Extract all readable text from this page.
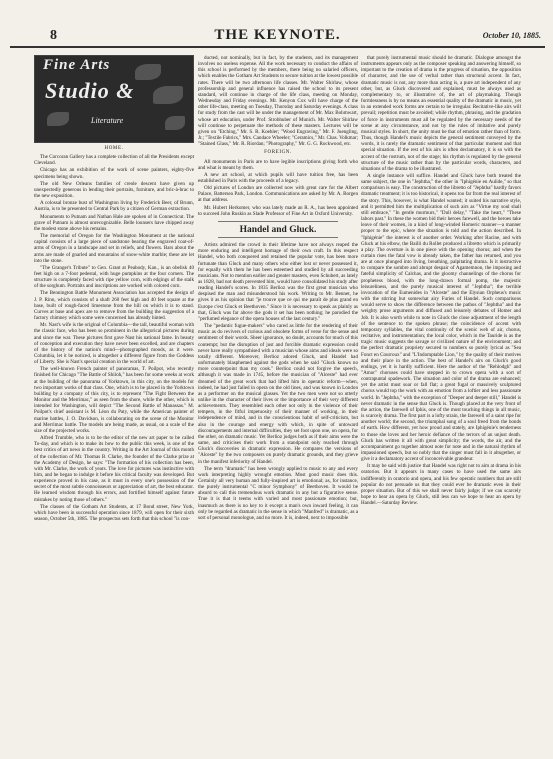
8	THE KEYNOTE.	October 10, 1885.
Fine Arts
Studio &
Literature
HOME.

The Corcoran Gallery has a complete collection of all the Presidents except Cleveland.

Chicago has an exhibition of the work of scene painters, eighty-five specimens being shown.

The old New Orleans families of creole descent have given up unexpectedly generous in lending their portraits, furniture, and bric-à-brac to the new exposition.

A colossal bronze bust of Washington living by Frederick Beer, of Brunn, Austria, is to be presented to Central Park by a citizen of German extraction.

Monuments to Putnam and Nathan Hale are spoken of in Connecticut. The grave of Putnam is almost unrecognizable. Belle lounsers have chipped away the modest stone above his remains.

The memorial of Oregon for the Washington Monument at the national capital consists of a large piece of sandstone bearing the engraved coat-of-arms of Oregon in a landscape and set in reliefs, and flowers. Bars about the arms are made of gnarled and mountains of snow-white marble; these are let into the stone.

"The Granger's Tribute" to Gen. Grant at Peabody, Kan., is an obelisk 40 feet high on a 7-foot pedestal, with huge pumpkins at the four corners. The structure is completely faced with ripe yellow corn, with edgings of the stalk of the sorghum. Portraits and inscriptions are worked with colored corn.

The Bennington Battle Monument Association has accepted the design of J. P. Rinn, which consists of a shaft 260 feet high and 40 feet square at the base, built of rough-faced limestone from the hill on which it is to stand. Curves at base and apex are to remove from the building the suggestion of a factory chimney which some were concerned has already hinted.

Mr. Nast's wife is the original of Columbia—the tall, beautiful woman with the classic face, who has been so prominent in the allegorical pictures during and since the war. These pictures first gave Nast his national fame. In beauty of conception and execution they have never been excelled, and are chapters of the history of the nation's mind—photographed moods, as it were. Columbia, let it be noticed, is altogether a different figure from the Goddess of Liberty. She is Nast's special creation in the world of art.

The well-known French painter of panoramas, T. Poilpot, who recently finished for Chicago "The Battle of Shiloh," has been for some weeks at work at the building of the panorama of Yorktown, in this city, on the models for two important works of that class. One, which is to be placed in the Yorktown building by a company of this city, is to represent "The Fight Between the Monitor and the Merrimac," as seen from the shore, while the other, which is intended for Washington, will depict "The Second Battle of Manassas." M. Poilpot's chief assistant is M. Léon du Paty, while the American painter of marine battles, J. O. Davidson, is collaborating on the scene of the Monitor and Merrimac battle. The models are being made, as usual, on a scale of the size of the projected works.

Alfred Trumble, who is to be the editor of the new art paper to be called To-day, and which is to make its bow to the public this week, is one of the best critics of art news in the country. Writing in the Art Journal of this month of the collection of Mr. Thomas B. Clarke, the founder of the Clarke prize at the Academy of Design, he says: "The formation of his collection has been, with Mr. Clarke, the work of years. The love for pictures was instinctive with him, and he began to indulge it before his critical faculty was developed. But experience proved in his case, as it must in every one's possession of the secret of the most subtle connoisseurs or appreciation of art, the best educator. He learned wisdom through his errors, and fortified himself against future mistakes by noting those of others."

The classes of the Gotham Art Students, at 17 Bond street, New York, which have been in successful operation since 1879, will open for their sixth season, October 5th, 1885. The prospectus sets forth that this school "is con-

ducted, not nominally, but in fact, by the students, and its management involves no useless expense. All the work necessary to conduct the affairs of this school is performed by the members, there being no salaried officers, which enables the Gotham Art Students to secure tuition at the lowest possible rates. There will be two afternoon life classes. Mr. Walter Shirlaw, whose professorship and general influence has raised the school to its present standard, will continue in charge of the life class, meeting on Monday, Wednesday and Friday evenings. Mr. Kenyon Cox will have charge of the other life-class, meeting on Tuesday, Thursday and Saturday evenings. A class for study from the cast will be under the management of Mr. Max Bohmwart, whose art education, under Prof. Strobhuber of Munich. Mr. Walter Shirlaw will continue to perpetuate the methods of these masters. Lectures will be given on "Etching," Mr. S. R. Koehler; "Wood Engraving," Mr. F. Juengling, Jr.; "Textile Fabrics," Mrs. Candace Wheeler; "Ceramics," Mr. Chas. Volkmar; "Stained Glass," Mr. R. Riordan; "Photography," Mr. G. G. Rockwood, etc.

FOREIGN.

All monuments in Paris are to have legible inscriptions giving forth who and what is meant by them.

A new art school, at which pupils will have tuition free, has been established in Paris with the proceeds of a legacy.

Old pictures of London are collected now with great care for the Albert Palace, Battersea Park, London. Communications are asked by Mr. A. Borgen at that address.

Mr. Hubert Herkomer, who was lately made an R. A., has been appointed to succeed John Ruskin as Slade Professor of Fine Art in Oxford University.

Handel and Gluck.

Artists admired the crowd in their lifetime have not always reaped the more enduring and intelligent homage of their own craft. In this respect Handel, who both conquered and retained the popular vote, has been more fortunate than Gluck and many others who either lost or never possessed it, for equally with them he has been esteemed and studied by all succeeding musicians. Not to mention earlier and greater masters, even Schubert, as lately as 1828, had not death prevented him, would have consolidated his study after reading Handel's scores. In 1835 Berlioz was the first great musician who despised the man and misunderstood his work. Writing to Mr. Bennet, he gives it as his opinion that "je trouve que ce qui me paraît de plus grand en Europe c'est Gluck et Beethoven." Since it is necessary to speak as plainly as that, Gluck was far above the gods it set has been nothing; he parodied the "perfumed elegance of the opera houses of the last century."

The "pedantic fugue-makers" who cared as little for the rendering of their music as do revivers of curious and obsolete forms of verse for the sense and sentiment of their words. Sheer ignorance, no doubt, accounts for much of this contempt; but the disruption of just and forcible dramatic expression could never have really sympathised with a musician whose aims and ideals were so totally different. Moreover, Berlioz adored Gluck, and Handel had unfortunately blasphemed against the gods when he said "Gluck knows no more counterpoint than my cook." Berlioz could not forgive the speech, although it was made in 1745, before the musician of "Alceste" had ever dreamed of the great work that had lifted him in operatic reform—when, indeed, he had just failed in opera on the old lines, and was known in London as a performer on the musical glasses. Yet the two men were not so utterly unlike in the character of their lives or the importance of their very different achievements. They resembled each other not only in the violence of their tempers, in the fitful impetuosity of their manner of working, in their independence of mind, and in the conscientious habit of self-criticism, but also in the courage and energy with which, in spite of untoward discouragements and internal difficulties, they set foot upon one, on opera, for the other, on dramatic music. Yet Berlioz judges both as if their aims were the same, and criticises their work from a standpoint only reached through Gluck's discoveries in dramatic expression. He compares the versions of "Alceste" by the two composers on purely dramatic grounds, and they grieve in the manifest inferiority of Handel.

The term "dramatic" has been wrongly applied to music to any and every work interpreting highly wrought emotion. Most good music does this. Certainly all very human and fully-inspired art is emotional; as, for instance, the purely instrumental "C minor Symphony" of Beethoven. It would be absurd to call this tremendous work dramatic in any but a figurative sense. True it is that it teems with varied and most passionate emotion; but, inasmuch as there is no key to it except a man's own inward feeling, it can only be regarded as dramatic in the sense in which "Manfred" is dramatic, as a sort of personal monologue, and no more. It is, indeed, next to impossible

that purely instrumental music should be dramatic. Dialogue amongst the instruments appears only as the composer speaking and answering himself, so important to the creation of drama is the progress of situation, the opposition of character, and the use of verbal rather than structural accent. In fact, dramatic music is not, any more than acting is, a pure art independent of any other, but, as Gluck discovered and explained, must be always used as complementary to, or illustrative of, the art of playmaking. Though formlessness is by no means an essential quality of the dramatic in music, yet in an extended work forms are certain to be irregular. Recitative-like airs will prevail; repetition must be avoided; while rhythm, phrasing, and the gradation of force in instruments must all be regulated by the necessary needs of the scene at any circumstance, and not by the rules of imitative and purely musical styles. In short, the unity must be that of emotion rather than of form. Thus, though Handel's music depicts the general sentiment conveyed by the words, it is rarely the dramatic sentiment of that particular moment and that special situation. If the rest of his airs is often declamatory, it is so with the accent of the rostrum, not of the stage; his rhythm is regulated by the general structure of the music rather than by the particular words, characters, and situations of the drama to be illustrated.

A single instance will suffice. Handel and Gluck have both treated the same subject, the one in "Jephtha," the other in "Iphigénie en Aulide," so that comparison is easy. The construction of the libretto of "Jephtha" hardly favors dramatic treatment; it is too historical, it opens too far from the real interest of the story. This, however, is what Handel wanted; it suited his narrative style, and it permitted him the multiplication of such airs as "Virtue my soul shall still embrace," "In gentle murmurs," "Dull delay," "Take the heart," "These labors past." In these the women bid their heroes farewell, and the heroes take leave of their women, in a kind of long-winded Homeric manner—a manner proper to the epic, where the situation is told and the action described. In "Iphigénie" the interest is of another order. Working after Racine, and with Gluck at his elbow, the Bailli du Rollet produced a libretto which is primarily a play. The overture is in one piece with the opening chorus; and when the curtain rises the fatal vow is already taken, the father has returned, and you are at once plunged into living, breathing, palpitating drama. Is it instructive to compare the sombre and abrupt despair of Agamemnon, the imposing and fateful simplicity of Calchas, and the gloomy channelings of the chorus for prophetess blood, with the long-drawn formal pomp, the majestic leisureliness, and the purely musical interest of "Jephtha"; the terrible invocation of the Eumenides in "Alceste" and the Elysian Orpheus's music with the stirring but somewhat airy Furies of Handel. Such comparisons would serve to show the difference between the pathos of "Jephtha" and the weighty prose arguments and diffused and leisurely debates of Homer and Job. It is also worth while to note in Gluck the close adjustment of the length of the sentence to the spoken phrase; the coincidence of accent with temporary syllables, the vital continuity of the scenic web of air, chorus, recitative, and instrumentation; the local color, which in the Tauride is as the tragic music suggests the savage or civilized nature of the environment; and the perfect dramatic propriety secured to numbers so purely lyrical as "Sea Fonct en Courroux" and "L'Indomptable Lion," by the quality of their motives and their place in the action. The best of Handel's airs on Gluck's good endings, yet it is hardly sufficient. Here the author of the "Rehlodgh" and "Amor" choruses could have stepped in to crown opera with a sort of contrapuntal spadework. The situation and color of the drama are enhanced; yet the artist must soar or fall flat; a great fugal or massively sculptured chorus would top the work with an emotion from a loftier and less passionate world. In "Jephtha," with the exception of "Deeper and deeper still," Handel is never dramatic in the sense that Gluck is. Though placed at the very front of the action, the farewell of Iphis, one of the most touching things in all music, is scarcely drama. The first part is a lofty strain, the farewell of a saint ripe for another world; the second, the triumphal song of a soul freed from the bonds of earth. How different, yet how proud and stately, are Iphigénie's tenderness to those she loves and her heroic defiance of the terrors of an unjust death. Gluck has written it all with great simplicity; the words, the air, and the accompaniment go together almost note for note and in the natural rhythm of impassioned speech, but so nobly that the singer must fall in it altogether, or give it a declamatory accent of inconceivable grandeur.

It may be said with justice that Handel was right not to aim at drama in his oratorios. But it appears in many cases to have used the same airs indifferently in oratorio and opera, and his few operatic numbers that are still popular do not persuade us that they could ever be dramatic even in their proper situation. But of this we shall never fairly judge; if we can scarcely hope to hear an opera by Gluck, still less can we hope to hear an opera by Handel.—Saturday Review.
